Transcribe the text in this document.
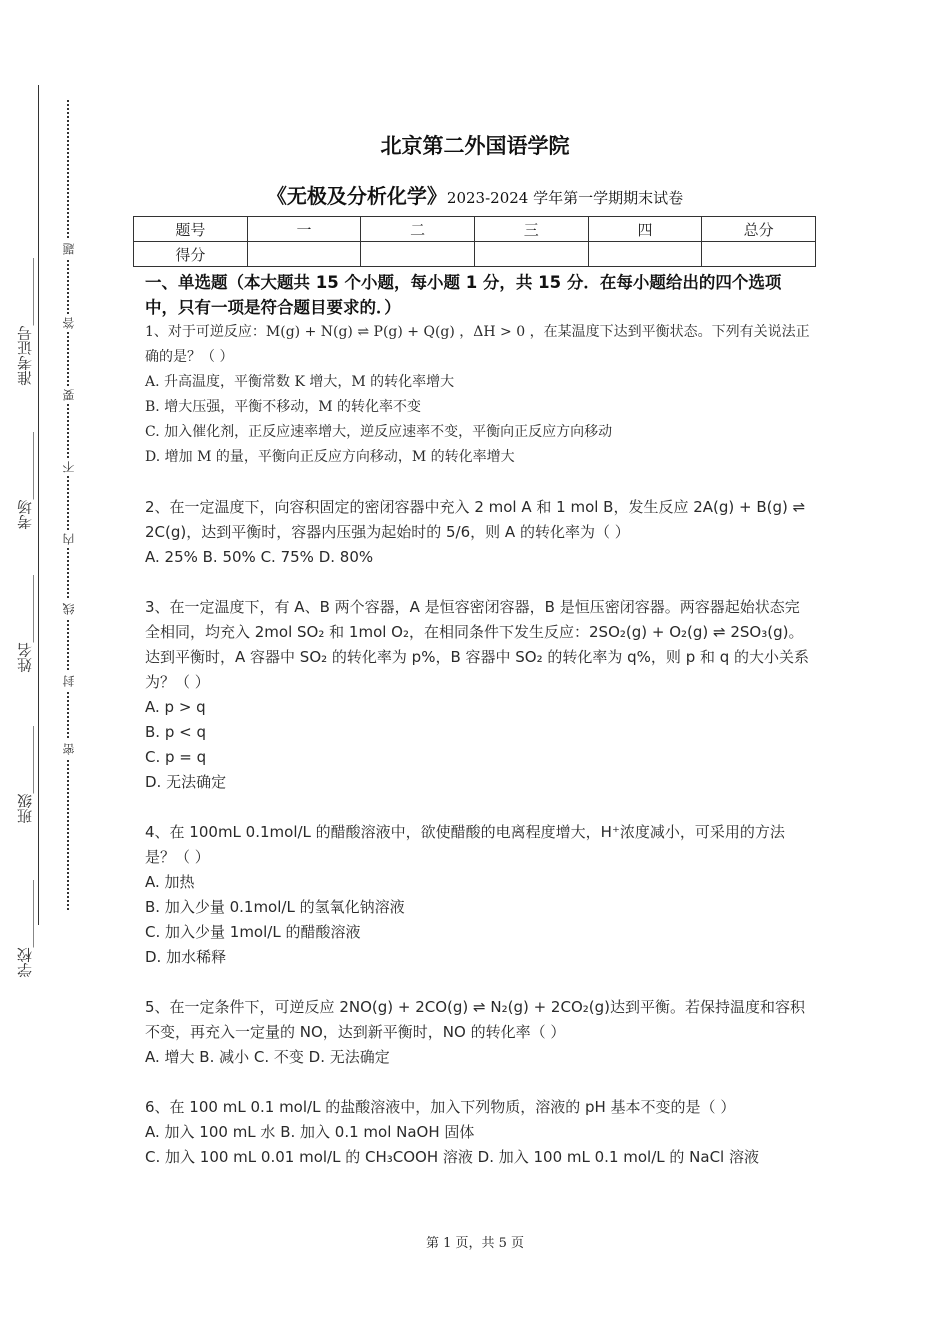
学校_________
班级_________
姓名_________
考场_________
准考证号_________
密
封
线
内
不
要
答
题
北京第二外国语学院
《无极及分析化学》2023-2024 学年第一学期期末试卷
题号	一	二	三	四	总分
得分					
一、单选题（本大题共 15 个小题，每小题 1 分，共 15 分．在每小题给出的四个选项中，只有一项是符合题目要求的．）

1、对于可逆反应：M(g) + N(g) ⇌ P(g) + Q(g) ，ΔH > 0 ，在某温度下达到平衡状态。下列有关说法正确的是？（ ）

A. 升高温度，平衡常数 K 增大，M 的转化率增大

B. 增大压强，平衡不移动，M 的转化率不变

C. 加入催化剂，正反应速率增大，逆反应速率不变，平衡向正反应方向移动

D. 增加 M 的量，平衡向正反应方向移动，M 的转化率增大

2、在一定温度下，向容积固定的密闭容器中充入 2 mol A 和 1 mol B，发生反应 2A(g) + B(g) ⇌ 2C(g)，达到平衡时，容器内压强为起始时的 5/6，则 A 的转化率为（ ）

A. 25% B. 50% C. 75% D. 80%

3、在一定温度下，有 A、B 两个容器，A 是恒容密闭容器，B 是恒压密闭容器。两容器起始状态完全相同，均充入 2mol SO₂ 和 1mol O₂，在相同条件下发生反应：2SO₂(g) + O₂(g) ⇌ 2SO₃(g)。达到平衡时，A 容器中 SO₂ 的转化率为 p%，B 容器中 SO₂ 的转化率为 q%，则 p 和 q 的大小关系为？（ ）

A. p > q

B. p < q

C. p = q

D. 无法确定

4、在 100mL 0.1mol/L 的醋酸溶液中，欲使醋酸的电离程度增大，H⁺浓度减小，可采用的方法是？（ ）

A. 加热

B. 加入少量 0.1mol/L 的氢氧化钠溶液

C. 加入少量 1mol/L 的醋酸溶液

D. 加水稀释

5、在一定条件下，可逆反应 2NO(g) + 2CO(g) ⇌ N₂(g) + 2CO₂(g)达到平衡。若保持温度和容积不变，再充入一定量的 NO，达到新平衡时，NO 的转化率（ ）

A. 增大 B. 减小 C. 不变 D. 无法确定

6、在 100 mL 0.1 mol/L 的盐酸溶液中，加入下列物质，溶液的 pH 基本不变的是（ ）

A. 加入 100 mL 水 B. 加入 0.1 mol NaOH 固体

C. 加入 100 mL 0.01 mol/L 的 CH₃COOH 溶液 D. 加入 100 mL 0.1 mol/L 的 NaCl 溶液

第 1 页，共 5 页
